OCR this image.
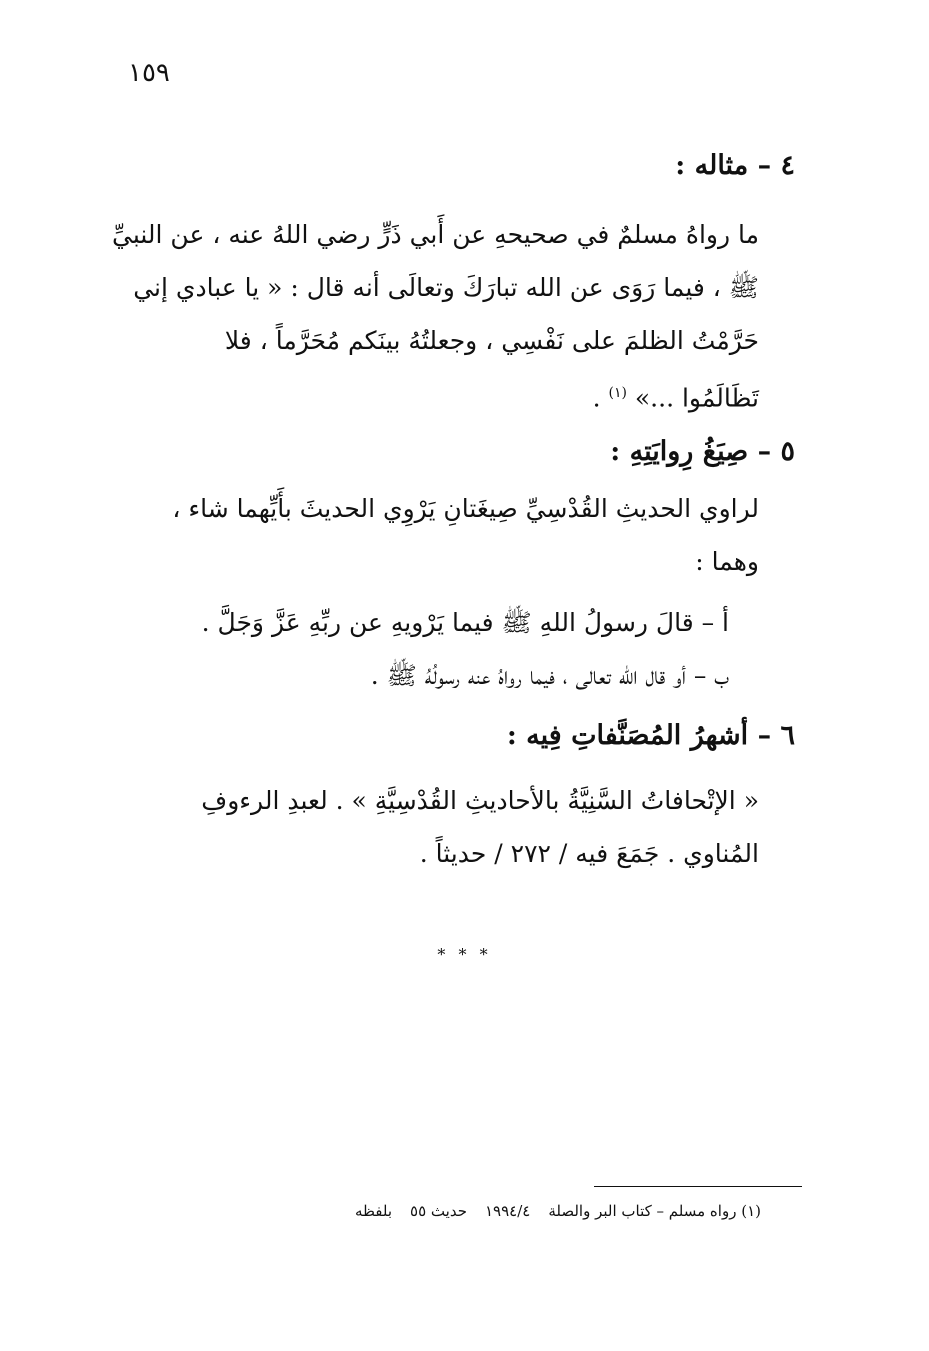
١٥٩
٤ – مثاله :
ما رواهُ مسلمٌ في صحيحهِ عن أَبي ذَرٍّ رضي اللهُ عنه ، عن النبيِّ
ﷺ ، فيما رَوَى عن الله تبارَكَ وتعالَى أنه قال : « يا عبادي إني
حَرَّمْتُ الظلمَ على نَفْسِي ، وجعلتُهُ بينَكم مُحَرَّماً ، فلا
تَظَالَمُوا ...» $^{(١)}$ .
٥ – صِيَغُ رِوايَتِهِ :
لراوي الحديثِ القُدْسِيِّ صِيغَتانِ يَرْوِي الحديثَ بأَيِّهما شاء ،
وهما :
أ – قالَ رسولُ اللهِ ﷺ فيما يَرْويهِ عن ربِّهِ عَزَّ وَجَلَّ .
ب – أو قال الله تعالى ، فيما رواهُ عنه رسولُهُ ﷺ .
٦ – أشهرُ المُصَنَّفاتِ فِيه :
« الإتْحافاتُ السَّنِيَّةُ بالأحاديثِ القُدْسِيَّةِ » . لعبدِ الرءوفِ
المُناوي . جَمَعَ فيه / ٢٧٢ / حديثاً .
* * *
(١) رواه مسلم – كتاب البر والصلة١٩٩٤/٤حديث ٥٥بلفظه
